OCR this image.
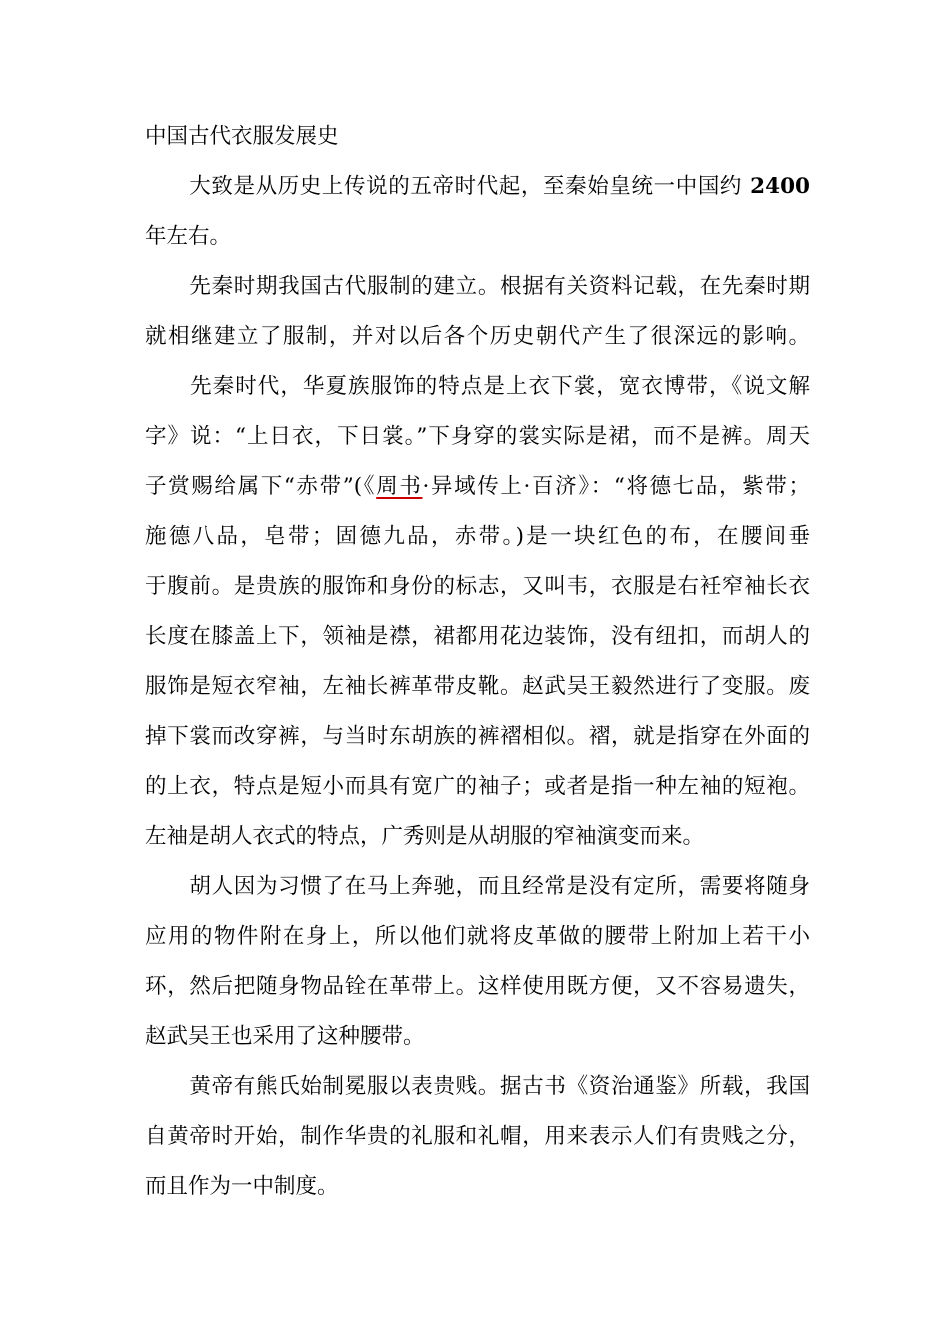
中国古代衣服发展史
　　大致是从历史上传说的五帝时代起，至秦始皇统一中国约 2400
年左右。
　　先秦时期我国古代服制的建立。根据有关资料记载，在先秦时期
就相继建立了服制，并对以后各个历史朝代产生了很深远的影响。
　　先秦时代，华夏族服饰的特点是上衣下裳，宽衣博带，《说文解
字》说：“上日衣，下日裳。”下身穿的裳实际是裙，而不是裤。周天
子赏赐给属下“赤带”(《周书·异域传上·百济》：“将德七品，紫带；
施德八品，皂带；固德九品，赤带。)是一块红色的布，在腰间垂
于腹前。是贵族的服饰和身份的标志，又叫韦，衣服是右衽窄袖长衣
长度在膝盖上下，领袖是襟，裙都用花边装饰，没有纽扣，而胡人的
服饰是短衣窄袖，左袖长裤革带皮靴。赵武吴王毅然进行了变服。废
掉下裳而改穿裤，与当时东胡族的裤褶相似。褶，就是指穿在外面的
的上衣，特点是短小而具有宽广的袖子；或者是指一种左袖的短袍。
左袖是胡人衣式的特点，广秀则是从胡服的窄袖演变而来。
　　胡人因为习惯了在马上奔驰，而且经常是没有定所，需要将随身
应用的物件附在身上，所以他们就将皮革做的腰带上附加上若干小
环，然后把随身物品铨在革带上。这样使用既方便，又不容易遗失，
赵武吴王也采用了这种腰带。
　　黄帝有熊氏始制冕服以表贵贱。据古书《资治通鉴》所载，我国
自黄帝时开始，制作华贵的礼服和礼帽，用来表示人们有贵贱之分，
而且作为一中制度。
